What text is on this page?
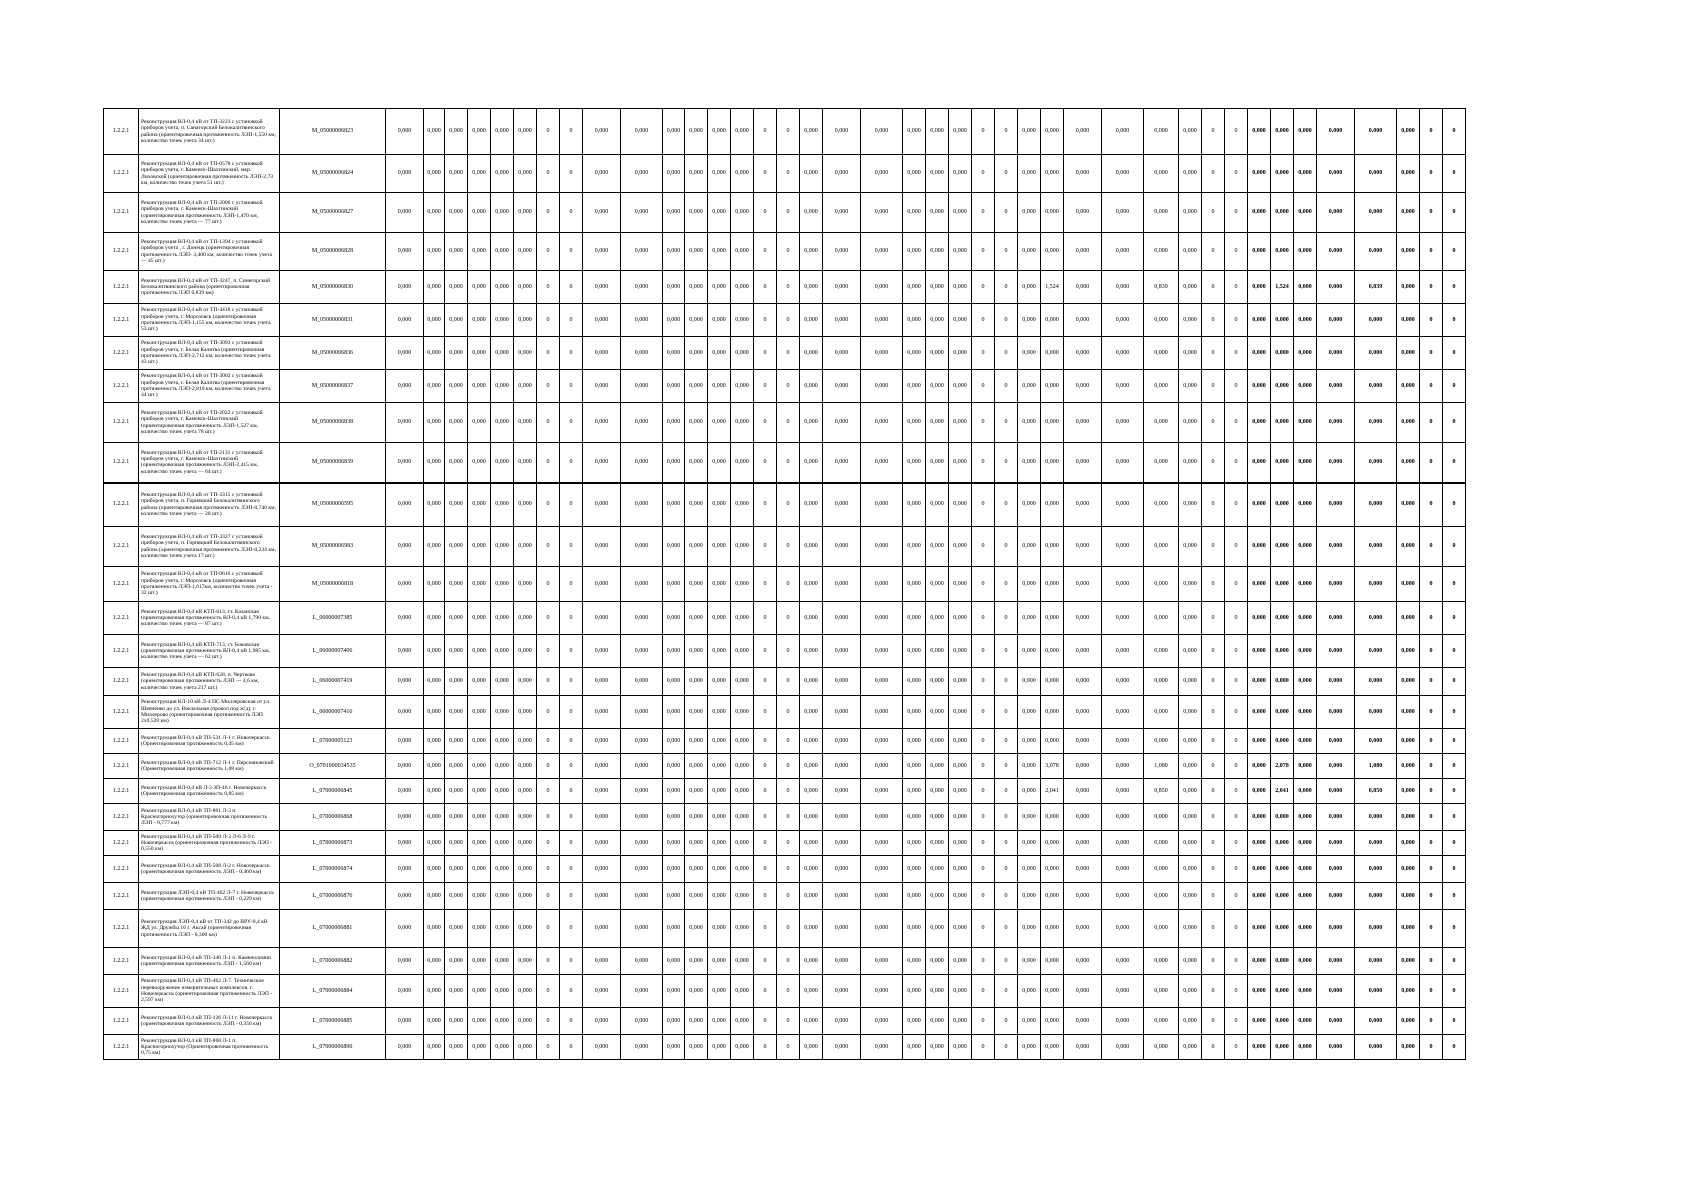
1.2.2.1	Реконструкция ВЛ-0,4 кВ от ТП-3223 с установкой приборов учета, п. Санаторский Белокалитвинского района (ориентировочная протяженность ЛЭП-1,550 км, количество точек учета 34 шт.)	M_05000006823	0,000	0,000	0,000	0,000	0,000	0,000	0	0	0,000	0,000	0,000	0,000	0,000	0,000	0	0	0,000	0,000	0,000	0,000	0,000	0,000	0	0	0,000	0,000	0,000	0,000	0,000	0,000	0	0	0,000	0,000	0,000	0,000	0,000	0,000	0	0
1.2.2.1	Реконструкция ВЛ-0,4 кВ от ТП-0578 с установкой приборов учета, г. Каменск-Шахтинский, мкр. Лиховской (ориентировочная протяженность ЛЭП-2,73 км, количество точек учета 51 шт.)	M_05000006824	0,000	0,000	0,000	0,000	0,000	0,000	0	0	0,000	0,000	0,000	0,000	0,000	0,000	0	0	0,000	0,000	0,000	0,000	0,000	0,000	0	0	0,000	0,000	0,000	0,000	0,000	0,000	0	0	0,000	0,000	0,000	0,000	0,000	0,000	0	0
1.2.2.1	Реконструкция ВЛ-0,4 кВ от ТП-2006 с установкой приборов учета, г. Каменск-Шахтинский (ориентировочная протяженность ЛЭП-1,470 км, количество точек учета — 77 шт.)	M_05000006827	0,000	0,000	0,000	0,000	0,000	0,000	0	0	0,000	0,000	0,000	0,000	0,000	0,000	0	0	0,000	0,000	0,000	0,000	0,000	0,000	0	0	0,000	0,000	0,000	0,000	0,000	0,000	0	0	0,000	0,000	0,000	0,000	0,000	0,000	0	0
1.2.2.1	Реконструкция ВЛ-0,4 кВ от ТП-1394 с установкой приборов учета , г. Донецк (ориентировочная протяженность ЛЭП- 3,400 км, количество точек учета — 45 шт.)	M_05000006828	0,000	0,000	0,000	0,000	0,000	0,000	0	0	0,000	0,000	0,000	0,000	0,000	0,000	0	0	0,000	0,000	0,000	0,000	0,000	0,000	0	0	0,000	0,000	0,000	0,000	0,000	0,000	0	0	0,000	0,000	0,000	0,000	0,000	0,000	0	0
1.2.2.1	Реконструкция ВЛ-0,4 кВ от ТП-3247, п. Синегорский Белокалитвинского района (ориентировочная протяженность ЛЭП 0,839 км)	M_05000006830	0,000	0,000	0,000	0,000	0,000	0,000	0	0	0,000	0,000	0,000	0,000	0,000	0,000	0	0	0,000	0,000	0,000	0,000	0,000	0,000	0	0	0,000	1,524	0,000	0,000	0,839	0,000	0	0	0,000	1,524	0,000	0,000	0,839	0,000	0	0
1.2.2.1	Реконструкция ВЛ-0,4 кВ от ТП-4418 с установкой приборов учета, г. Морозовск (ориентировочная протяженность ЛЭП-1,155 км, количество точек учета 53 шт.)	M_05000006831	0,000	0,000	0,000	0,000	0,000	0,000	0	0	0,000	0,000	0,000	0,000	0,000	0,000	0	0	0,000	0,000	0,000	0,000	0,000	0,000	0	0	0,000	0,000	0,000	0,000	0,000	0,000	0	0	0,000	0,000	0,000	0,000	0,000	0,000	0	0
1.2.2.1	Реконструкция ВЛ-0,4 кВ от ТП-3093 с установкой приборов учета, г. Белая Калитва (ориентировочная протяженность ЛЭП-2,712 км, количество точек учета 43 шт.)	M_05000006836	0,000	0,000	0,000	0,000	0,000	0,000	0	0	0,000	0,000	0,000	0,000	0,000	0,000	0	0	0,000	0,000	0,000	0,000	0,000	0,000	0	0	0,000	0,000	0,000	0,000	0,000	0,000	0	0	0,000	0,000	0,000	0,000	0,000	0,000	0	0
1.2.2.1	Реконструкция ВЛ-0,4 кВ от ТП-3002 с установкой приборов учета, г. Белая Калитва (ориентировочная протяженность ЛЭП-2,810 км, количество точек учета 44 шт.)	M_05000006837	0,000	0,000	0,000	0,000	0,000	0,000	0	0	0,000	0,000	0,000	0,000	0,000	0,000	0	0	0,000	0,000	0,000	0,000	0,000	0,000	0	0	0,000	0,000	0,000	0,000	0,000	0,000	0	0	0,000	0,000	0,000	0,000	0,000	0,000	0	0
1.2.2.1	Реконструкция ВЛ-0,4 кВ от ТП-2022 с установкой приборов учета, г. Каменск-Шахтинский (ориентировочная протяженность ЛЭП-1,527 км, количество точек учета 78 шт.)	M_05000006838	0,000	0,000	0,000	0,000	0,000	0,000	0	0	0,000	0,000	0,000	0,000	0,000	0,000	0	0	0,000	0,000	0,000	0,000	0,000	0,000	0	0	0,000	0,000	0,000	0,000	0,000	0,000	0	0	0,000	0,000	0,000	0,000	0,000	0,000	0	0
1.2.2.1	Реконструкция ВЛ-0,4 кВ от ТП-2131 с установкой приборов учета, г. Каменск-Шахтинский (ориентировочная протяженность ЛЭП-2,415 км, количество точек учета — 64 шт.)	M_05000006839	0,000	0,000	0,000	0,000	0,000	0,000	0	0	0,000	0,000	0,000	0,000	0,000	0,000	0	0	0,000	0,000	0,000	0,000	0,000	0,000	0	0	0,000	0,000	0,000	0,000	0,000	0,000	0	0	0,000	0,000	0,000	0,000	0,000	0,000	0	0
1.2.2.1	Реконструкция ВЛ-0,4 кВ от ТП-3315 с установкой приборов учета, п. Горняцкий Белокалитвинского района (ориентировочная протяженность ЛЭП-0,740 км, количество точек учета — 28 шт.)	M_05000006595	0,000	0,000	0,000	0,000	0,000	0,000	0	0	0,000	0,000	0,000	0,000	0,000	0,000	0	0	0,000	0,000	0,000	0,000	0,000	0,000	0	0	0,000	0,000	0,000	0,000	0,000	0,000	0	0	0,000	0,000	0,000	0,000	0,000	0,000	0	0
1.2.2.1	Реконструкция ВЛ-0,4 кВ от ТП-3327 с установкой приборов учета, п. Горняцкий Белокалитвинского района (ориентировочная протяженность ЛЭП-0,234 км, количество точек учета 17 шт.)	M_05000006983	0,000	0,000	0,000	0,000	0,000	0,000	0	0	0,000	0,000	0,000	0,000	0,000	0,000	0	0	0,000	0,000	0,000	0,000	0,000	0,000	0	0	0,000	0,000	0,000	0,000	0,000	0,000	0	0	0,000	0,000	0,000	0,000	0,000	0,000	0	0
1.2.2.1	Реконструкция ВЛ-0,4 кВ от ТП-0616 с установкой приборов учета, г. Морозовск (ориентировочная протяженность ЛЭП-1,617км, количество точек учета - 32 шт.)	M_05000006818	0,000	0,000	0,000	0,000	0,000	0,000	0	0	0,000	0,000	0,000	0,000	0,000	0,000	0	0	0,000	0,000	0,000	0,000	0,000	0,000	0	0	0,000	0,000	0,000	0,000	0,000	0,000	0	0	0,000	0,000	0,000	0,000	0,000	0,000	0	0
1.2.2.1	Реконструкция ВЛ-0,4 кВ КТП-613, ст. Казанская (ориентировочная протяженность ВЛ-0,4 кВ 1,790 км, количество точек учета — 87 шт.)	L_06000007385	0,000	0,000	0,000	0,000	0,000	0,000	0	0	0,000	0,000	0,000	0,000	0,000	0,000	0	0	0,000	0,000	0,000	0,000	0,000	0,000	0	0	0,000	0,000	0,000	0,000	0,000	0,000	0	0	0,000	0,000	0,000	0,000	0,000	0,000	0	0
1.2.2.1	Реконструкция ВЛ-0,4 кВ КТП-713, ст. Боковская (ориентировочная протяженность ВЛ-0,4 кВ 1,985 км, количество точек учета — 62 шт.)	L_06000007406	0,000	0,000	0,000	0,000	0,000	0,000	0	0	0,000	0,000	0,000	0,000	0,000	0,000	0	0	0,000	0,000	0,000	0,000	0,000	0,000	0	0	0,000	0,000	0,000	0,000	0,000	0,000	0	0	0,000	0,000	0,000	0,000	0,000	0,000	0	0
1.2.2.1	Реконструкция ВЛ-0,4 кВ КТП-628, п. Чертково (ориентировочная протяженность ЛЭП — 4,6 км, количество точек учета 217 шт.)	L_06000007419	0,000	0,000	0,000	0,000	0,000	0,000	0	0	0,000	0,000	0,000	0,000	0,000	0,000	0	0	0,000	0,000	0,000	0,000	0,000	0,000	0	0	0,000	0,000	0,000	0,000	0,000	0,000	0	0	0,000	0,000	0,000	0,000	0,000	0,000	0	0
1.2.2.1	Реконструкция КЛ-10 кВ Л-4 ПС Миллеровская от ул. Шевченко до ул. Вокзальная (прокол под ж/д), г. Миллерово (ориентировочная протяженность ЛЭП 2х0,520 км)	L_06000007416	0,000	0,000	0,000	0,000	0,000	0,000	0	0	0,000	0,000	0,000	0,000	0,000	0,000	0	0	0,000	0,000	0,000	0,000	0,000	0,000	0	0	0,000	0,000	0,000	0,000	0,000	0,000	0	0	0,000	0,000	0,000	0,000	0,000	0,000	0	0
1.2.2.1	Реконструкция ВЛ-0,4 кВ ТП-531 Л-1 г. Новочеркасск (Ориентировочная протяженность 0,45 км)	L_07000005123	0,000	0,000	0,000	0,000	0,000	0,000	0	0	0,000	0,000	0,000	0,000	0,000	0,000	0	0	0,000	0,000	0,000	0,000	0,000	0,000	0	0	0,000	0,000	0,000	0,000	0,000	0,000	0	0	0,000	0,000	0,000	0,000	0,000	0,000	0	0
1.2.2.1	Реконструкция ВЛ-0,4 кВ ТП-712 Л-1 г. Персиановский (Ориентировочная протяженность 1,08 км)	O_0701000034535	0,000	0,000	0,000	0,000	0,000	0,000	0	0	0,000	0,000	0,000	0,000	0,000	0,000	0	0	0,000	0,000	0,000	0,000	0,000	0,000	0	0	0,000	3,078	0,000	0,000	1,080	0,000	0	0	0,000	2,078	0,000	0,000	1,080	0,000	0	0
1.2.2.1	Реконструкция ВЛ-0,4 кВ Л-3 ЗП-46 г. Новочеркасск (Ориентировочная протяженность 0,85 км)	L_07000006845	0,000	0,000	0,000	0,000	0,000	0,000	0	0	0,000	0,000	0,000	0,000	0,000	0,000	0	0	0,000	0,000	0,000	0,000	0,000	0,000	0	0	0,000	2,041	0,000	0,000	0,850	0,000	0	0	0,000	2,041	0,000	0,000	0,850	0,000	0	0
1.2.2.1	Реконструкция ВЛ-0,4 кВ ТП-801 Л-3 п. Красногорнохутор (ориентировочная протяженность ЛЭП - 0,777 км)	L_07000006868	0,000	0,000	0,000	0,000	0,000	0,000	0	0	0,000	0,000	0,000	0,000	0,000	0,000	0	0	0,000	0,000	0,000	0,000	0,000	0,000	0	0	0,000	0,000	0,000	0,000	0,000	0,000	0	0	0,000	0,000	0,000	0,000	0,000	0,000	0	0
1.2.2.1	Реконструкция ВЛ-0,4 кВ ТП-509 Л-3 Л-6 Л-9 г. Новочеркасск (ориентировочная протяженность ЛЭП - 0,550 км)	L_07000006873	0,000	0,000	0,000	0,000	0,000	0,000	0	0	0,000	0,000	0,000	0,000	0,000	0,000	0	0	0,000	0,000	0,000	0,000	0,000	0,000	0	0	0,000	0,000	0,000	0,000	0,000	0,000	0	0	0,000	0,000	0,000	0,000	0,000	0,000	0	0
1.2.2.1	Реконструкция ВЛ-0,4 кВ ТП-508 Л-2 г. Новочеркасск (ориентировочная протяженность ЛЭП - 0,460 км)	L_07000006874	0,000	0,000	0,000	0,000	0,000	0,000	0	0	0,000	0,000	0,000	0,000	0,000	0,000	0	0	0,000	0,000	0,000	0,000	0,000	0,000	0	0	0,000	0,000	0,000	0,000	0,000	0,000	0	0	0,000	0,000	0,000	0,000	0,000	0,000	0	0
1.2.2.1	Реконструкция ЛЭП-0,4 кВ ТП-402 Л-7 г. Новочеркасск (ориентировочная протяженность ЛЭП - 0,229 км)	L_07000006876	0,000	0,000	0,000	0,000	0,000	0,000	0	0	0,000	0,000	0,000	0,000	0,000	0,000	0	0	0,000	0,000	0,000	0,000	0,000	0,000	0	0	0,000	0,000	0,000	0,000	0,000	0,000	0	0	0,000	0,000	0,000	0,000	0,000	0,000	0	0
1.2.2.1	Реконструкция ЛЭП-0,4 кВ от ТП-342 до ВРУ-0,4 кВ ЖД ул. Дружбы 16 г. Аксай (ориентировочная протяженность ЛЭП - 0,300 км)	L_07000006881	0,000	0,000	0,000	0,000	0,000	0,000	0	0	0,000	0,000	0,000	0,000	0,000	0,000	0	0	0,000	0,000	0,000	0,000	0,000	0,000	0	0	0,000	0,000	0,000	0,000	0,000	0,000	0	0	0,000	0,000	0,000	0,000	0,000	0,000	0	0
1.2.2.1	Реконструкция ВЛ-0,4 кВ ТП-340 Л-1 п. Каменоломни (ориентировочная протяженность ЛЭП - 1,560 км)	L_07000006882	0,000	0,000	0,000	0,000	0,000	0,000	0	0	0,000	0,000	0,000	0,000	0,000	0,000	0	0	0,000	0,000	0,000	0,000	0,000	0,000	0	0	0,000	0,000	0,000	0,000	0,000	0,000	0	0	0,000	0,000	0,000	0,000	0,000	0,000	0	0
1.2.2.1	Реконструкция ВЛ-0,4 кВ ТП-462 Л-7. Техническое перевооружение измерительных комплексов. г. Новочеркасск (ориентировочная протяженность ЛЭП - 2,597 км)	L_07000006884	0,000	0,000	0,000	0,000	0,000	0,000	0	0	0,000	0,000	0,000	0,000	0,000	0,000	0	0	0,000	0,000	0,000	0,000	0,000	0,000	0	0	0,000	0,000	0,000	0,000	0,000	0,000	0	0	0,000	0,000	0,000	0,000	0,000	0,000	0	0
1.2.2.1	Реконструкция ВЛ-0,4 кВ ТП-126 Л-11 г. Новочеркасск (ориентировочная протяженность ЛЭП - 0,350 км)	L_07000006885	0,000	0,000	0,000	0,000	0,000	0,000	0	0	0,000	0,000	0,000	0,000	0,000	0,000	0	0	0,000	0,000	0,000	0,000	0,000	0,000	0	0	0,000	0,000	0,000	0,000	0,000	0,000	0	0	0,000	0,000	0,000	0,000	0,000	0,000	0	0
1.2.2.1	Реконструкция ВЛ-0,4 кВ ТП-868 Л-1 п. Красногорнохутор (Ориентировочная протяженность 0,75 км)	L_07000006890	0,000	0,000	0,000	0,000	0,000	0,000	0	0	0,000	0,000	0,000	0,000	0,000	0,000	0	0	0,000	0,000	0,000	0,000	0,000	0,000	0	0	0,000	0,000	0,000	0,000	0,000	0,000	0	0	0,000	0,000	0,000	0,000	0,000	0,000	0	0
